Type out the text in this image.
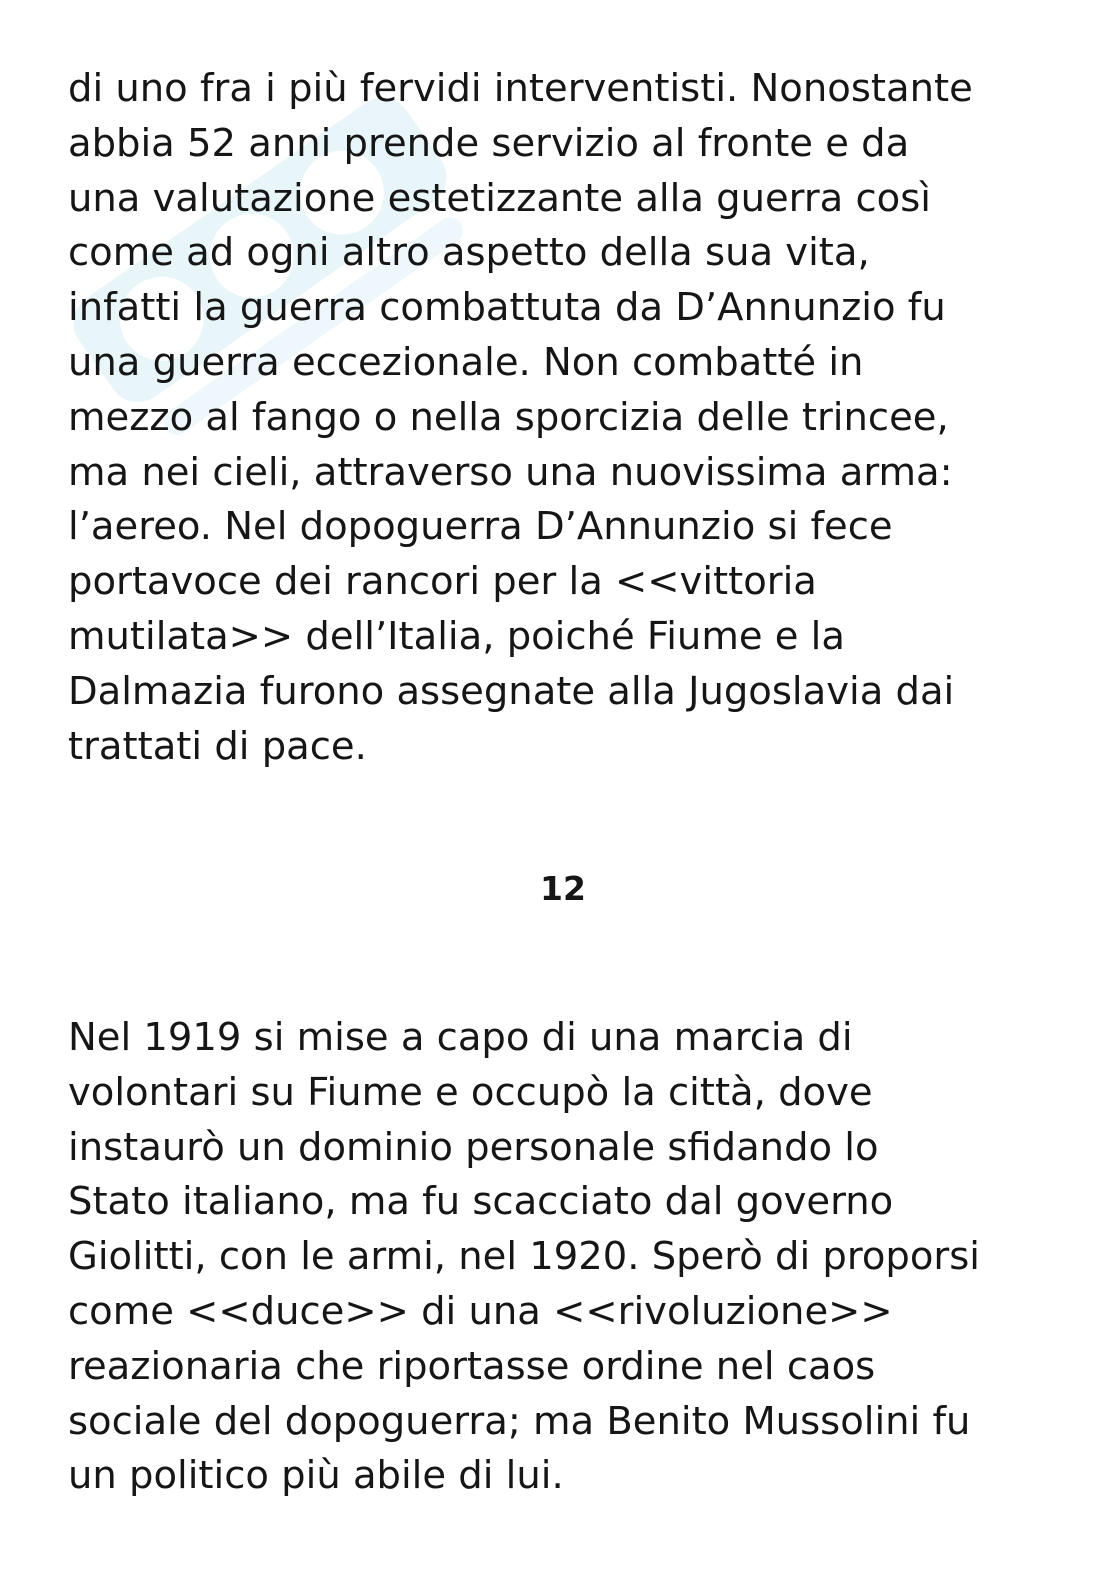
di uno fra i più fervidi interventisti. Nonostante
abbia 52 anni prende servizio al fronte e da
una valutazione estetizzante alla guerra così
come ad ogni altro aspetto della sua vita,
infatti la guerra combattuta da D’Annunzio fu
una guerra eccezionale. Non combatté in
mezzo al fango o nella sporcizia delle trincee,
ma nei cieli, attraverso una nuovissima arma:
l’aereo. Nel dopoguerra D’Annunzio si fece
portavoce dei rancori per la <<vittoria
mutilata>> dell’Italia, poiché Fiume e la
Dalmazia furono assegnate alla Jugoslavia dai
trattati di pace.

12

Nel 1919 si mise a capo di una marcia di
volontari su Fiume e occupò la città, dove
instaurò un dominio personale sfidando lo
Stato italiano, ma fu scacciato dal governo
Giolitti, con le armi, nel 1920. Sperò di proporsi
come <<duce>> di una <<rivoluzione>>
reazionaria che riportasse ordine nel caos
sociale del dopoguerra; ma Benito Mussolini fu
un politico più abile di lui.
